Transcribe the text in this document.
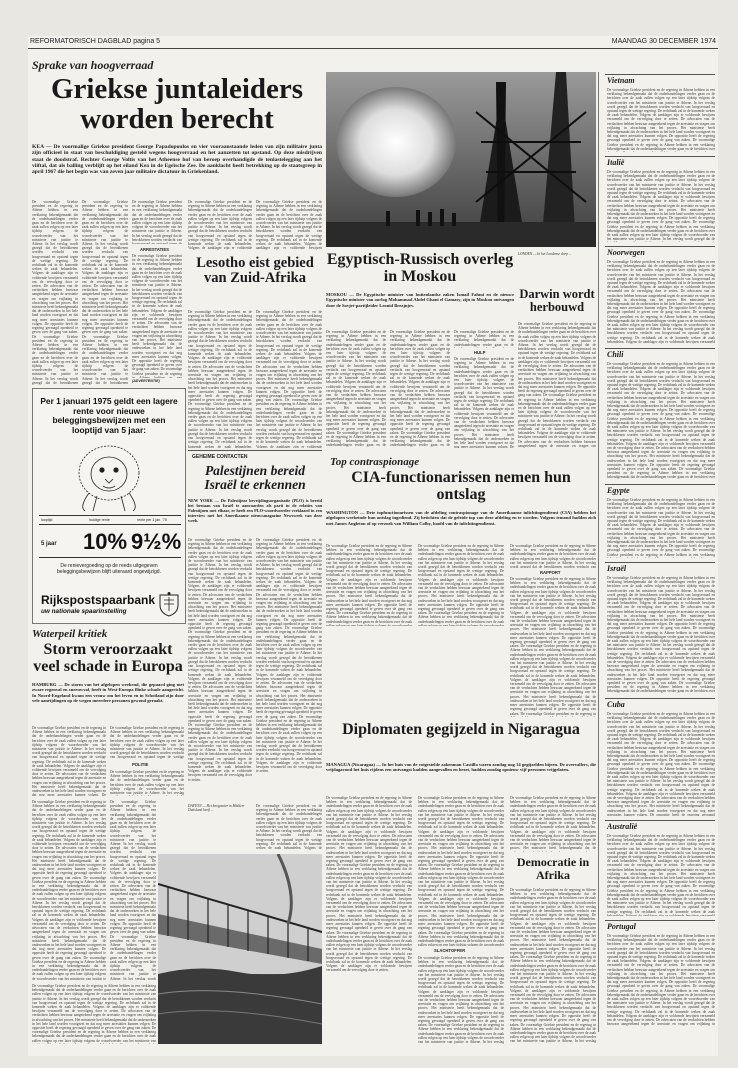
REFORMATORISCH DAGBLAD pagina 5	MAANDAG 30 DECEMBER 1974
Sprake van hoogverraad
Griekse juntaleiders worden berecht
KEA — De voormalige Griekse president George Papadopoulos en vier vooraanstaande leden van zijn militaire junta zijn officieel in staat van beschuldiging gesteld wegens hoogverraad en het aanzetten tot opstand. Op deze misdrijven staat de doodstraf. Rechter George Voltis van het Atheense hof van beroep overhandigde de tenlastelegging aan het viiftal, dat als balling verblijft op het eiland Kea in de Egeïsche Zee. De aanklacht heeft betrekking op de staatsgreep in april 1967 die het begin was van zeven jaar militaire dictatuur in Griekenland.
De voormalige Griekse president en de regering in Athene hebben in een verklaring bekendgemaakt dat de onderhandelingen verder gaan en de berichten over de zaak zullen volgen op een later tijdstip volgens de woordvoerder van het ministerie van justitie te Athene. In het verslag wordt gezegd dat de betrokkenen worden verdacht van hoogverraad en opstand tegen de wettige regering. De rechtbank zal in de komende weken de zaak behandelen. Volgens de aanklager zijn er voldoende bewijzen verzameld om de vervolging door te zetten. De advocaten van de verdachten hebben bezwaar aangetekend tegen de arrestatie en vragen om vrijlating in afwachting van het proces. Het ministerie heeft bekendgemaakt dat de onderzoeken in het hele land worden voortgezet en dat nog meer arrestaties kunnen volgen. De oppositie heeft de regering gevraagd openheid te geven over de gang van zaken. De voormalige Griekse president en de regering in Athene hebben in een verklaring bekendgemaakt dat de onderhandelingen verder gaan en de berichten over de zaak zullen volgen op een later tijdstip volgens de woordvoerder van het ministerie van justitie te Athene. In het verslag wordt gezegd dat de betrokkenen worden verdacht van hoogverraad en opstand tegen de wettige regering. De rechtbank zal in de komende weken de zaak behandelen. Volgens de aanklager zijn er voldoende bewijzen verzameld om de vervolging door te zetten. De advocaten van de verdachten hebben bezwaar aangetekend tegen de arrestatie en vragen om vrijlating in afwachting van het proces. Het ministerie heeft bekendgemaakt dat de onderzoeken in het hele land worden voortgezet en dat nog meer arrestaties kunnen volgen. De oppositie heeft de regering gevraagd openheid te geven over de gang van zaken. De voormalige Griekse president en de regering in Athene hebben in een verklaring bekendgemaakt dat de onderhandelingen verder gaan en de berichten over de zaak zullen volgen op een later tijdstip volgens de woordvoerder van het ministerie van justitie te Athene. In het verslag wordt gezegd dat de betrokkenen worden verdacht van hoogverraad en opstand tegen de wettige regering. De rechtbank zal in de komende weken de zaak behandelen. Volgens de aanklager zijn er voldoende bewijzen verzameld om de vervolging door te zetten.
De voormalige Griekse president en de regering in Athene hebben in een verklaring bekendgemaakt dat de onderhandelingen verder gaan en de berichten over de zaak zullen volgen op een later tijdstip volgens de woordvoerder van het ministerie van justitie te Athene. In het verslag wordt gezegd dat de betrokkenen worden verdacht van hoogverraad en opstand tegen de wettige regering. De rechtbank zal in de komende weken de zaak behandelen. Volgens de aanklager zijn er voldoende bewijzen verzameld om de vervolging door te zetten. De advocaten van de verdachten hebben bezwaar aangetekend tegen de arrestatie en vragen om vrijlating in afwachting van het proces. Het ministerie heeft bekendgemaakt dat de onderzoeken in het hele land worden voortgezet en dat nog meer arrestaties kunnen volgen. De oppositie heeft de regering gevraagd openheid te geven over de gang van zaken. De voormalige Griekse president en de regering in Athene hebben in een verklaring bekendgemaakt dat de onderhandelingen verder gaan en de berichten over de zaak zullen volgen op een later tijdstip volgens de woordvoerder van het ministerie van justitie te Athene. In het verslag wordt gezegd dat de betrokkenen worden verdacht van hoogverraad en opstand tegen de wettige regering. De rechtbank zal in de komende weken de zaak behandelen. Volgens de aanklager zijn er voldoende bewijzen verzameld om de vervolging door te zetten. De advocaten van de verdachten hebben bezwaar aangetekend tegen de arrestatie en vragen om vrijlating in afwachting van het proces. Het ministerie heeft bekendgemaakt dat de onderzoeken in het hele land worden voortgezet en dat nog meer arrestaties kunnen volgen. De oppositie heeft de regering gevraagd openheid te geven over de gang van zaken. De voormalige Griekse president en de regering in Athene hebben in een verklaring bekendgemaakt dat de onderhandelingen verder gaan en de berichten over de zaak zullen volgen op een later tijdstip volgens de woordvoerder van het ministerie van justitie te Athene. In het verslag wordt gezegd dat de betrokkenen worden verdacht van hoogverraad en opstand tegen de wettige regering. De rechtbank zal in de komende weken de zaak behandelen. Volgens de aanklager zijn er voldoende bewijzen verzameld om de vervolging door te zetten.
De voormalige Griekse president en de regering in Athene hebben in een verklaring bekendgemaakt dat de onderhandelingen verder gaan en de berichten over de zaak zullen volgen op een later tijdstip volgens de woordvoerder van het ministerie van justitie te Athene. In het verslag wordt gezegd dat de betrokkenen worden verdacht van hoogverraad en opstand tegen de wettige regering. De rechtbank zal in de komende weken de zaak behandelen. Volgens de aanklager zijn er voldoende bewijzen verzameld om de vervolging door te zetten. De advocaten van de verdachten hebben bezwaar aangetekend tegen de arrestatie en vragen om vrijlating in afwachting van het proces. Het ministerie heeft bekendgemaakt dat de onderzoeken in het hele land worden voortgezet en dat nog meer arrestaties kunnen volgen. De oppositie heeft de regering gevraagd openheid te geven over de gang van zaken. De voormalige Griekse president en de regering in Athene hebben in een verklaring bekendgemaakt dat de onderhandelingen verder gaan en de berichten over de zaak zullen volgen op een later tijdstip volgens de woordvoerder van het ministerie van justitie te Athene. In het verslag wordt gezegd dat de betrokkenen worden verdacht van hoogverraad en opstand tegen de wettige regering. De rechtbank zal in de komende weken de zaak behandelen. Volgens de aanklager zijn er voldoende bewijzen verzameld om de vervolging door te zetten. De advocaten van de verdachten hebben bezwaar aangetekend tegen de arrestatie en vragen om vrijlating in afwachting van het proces. Het ministerie heeft bekendgemaakt dat de onderzoeken in het hele land worden voortgezet en dat nog meer arrestaties kunnen volgen. De oppositie heeft de regering gevraagd openheid te geven over de gang van zaken. De voormalige Griekse president en de regering in Athene hebben in een verklaring bekendgemaakt dat de onderhandelingen verder gaan en de berichten over de zaak zullen volgen op een later tijdstip volgens de woordvoerder van het ministerie van justitie te Athene. In het verslag wordt gezegd dat de betrokkenen worden verdacht van hoogverraad en opstand tegen de wettige regering. De rechtbank zal in de komende weken de zaak behandelen. Volgens de aanklager zijn er voldoende bewijzen verzameld om de vervolging door te zetten.
ARRESTATIES
De voormalige Griekse president en de regering in Athene hebben in een verklaring bekendgemaakt dat de onderhandelingen verder gaan en de berichten over de zaak zullen volgen op een later tijdstip volgens de woordvoerder van het ministerie van justitie te Athene. In het verslag wordt gezegd dat de betrokkenen worden verdacht van hoogverraad en opstand tegen de wettige regering. De rechtbank zal in de komende weken de zaak behandelen. Volgens de aanklager zijn er voldoende bewijzen verzameld om de vervolging door te zetten. De advocaten van de verdachten hebben bezwaar aangetekend tegen de arrestatie en vragen om vrijlating in afwachting van het proces. Het ministerie heeft bekendgemaakt dat de onderzoeken in het hele land worden voortgezet en dat nog meer arrestaties kunnen volgen. De oppositie heeft de regering gevraagd openheid te geven over de gang van zaken. De voormalige Griekse president en de regering in Athene hebben in een verklaring bekendgemaakt dat de onderhandelingen verder gaan en de berichten over de zaak zullen volgen op een later tijdstip volgens de woordvoerder van het ministerie van justitie te Athene. In het verslag wordt gezegd dat de betrokkenen worden verdacht van hoogverraad en opstand tegen de wettige regering. De rechtbank zal in de komende weken de zaak behandelen. Volgens de aanklager zijn er voldoende bewijzen verzameld om de vervolging door te zetten. De advocaten van de verdachten hebben bezwaar aangetekend tegen de arrestatie en vragen om vrijlating in afwachting van het proces. Het ministerie heeft bekendgemaakt dat de onderzoeken in het hele land worden voortgezet en dat nog meer arrestaties kunnen volgen. De oppositie heeft de regering gevraagd openheid te geven over de gang van zaken. De voormalige Griekse president en de regering in Athene hebben in een verklaring bekendgemaakt dat de onderhandelingen verder gaan en de berichten over de zaak zullen volgen op een later tijdstip volgens de woordvoerder van het ministerie van justitie te Athene. In het verslag wordt gezegd dat de betrokkenen worden verdacht van hoogverraad en opstand tegen de wettige regering. De rechtbank zal in de komende weken de zaak behandelen. Volgens de aanklager zijn er voldoende bewijzen verzameld om de vervolging door te zetten.
(ADVERTENTIE)
De voormalige Griekse president en de regering in Athene hebben in een verklaring bekendgemaakt dat de onderhandelingen verder gaan en de berichten over de zaak zullen volgen op een later tijdstip volgens de woordvoerder van het ministerie van justitie te Athene. In het verslag wordt gezegd dat de betrokkenen worden verdacht van hoogverraad en opstand tegen de wettige regering. De rechtbank zal in de komende weken de zaak behandelen. Volgens de aanklager zijn er voldoende bewijzen verzameld om de vervolging door te zetten. De advocaten van de verdachten hebben bezwaar aangetekend tegen de arrestatie en vragen om vrijlating in afwachting van het proces. Het ministerie heeft bekendgemaakt dat de onderzoeken in het hele land worden voortgezet en dat nog meer arrestaties kunnen volgen. De oppositie heeft de regering gevraagd openheid te geven over de gang van zaken. De voormalige Griekse president en de regering in Athene hebben in een verklaring bekendgemaakt dat de onderhandelingen verder gaan en de berichten over de zaak zullen volgen op een later tijdstip volgens de woordvoerder van het ministerie van justitie te Athene. In het verslag wordt gezegd dat de betrokkenen worden verdacht van hoogverraad en opstand tegen de wettige regering. De rechtbank zal in de komende weken de zaak behandelen. Volgens de aanklager zijn er voldoende bewijzen verzameld om de vervolging door te zetten. De advocaten van de verdachten hebben bezwaar aangetekend tegen de arrestatie en vragen om vrijlating in afwachting van het proces. Het ministerie heeft bekendgemaakt dat de onderzoeken in het hele land worden voortgezet en dat nog meer arrestaties kunnen volgen. De oppositie heeft de regering gevraagd openheid te geven over de gang van zaken. De voormalige Griekse president en de regering in Athene hebben in een verklaring bekendgemaakt dat de onderhandelingen verder gaan en de berichten over de zaak zullen volgen op een later tijdstip volgens de woordvoerder van het ministerie van justitie te Athene. In het verslag wordt gezegd dat de betrokkenen worden verdacht van hoogverraad en opstand tegen de wettige regering. De rechtbank zal in de komende weken de zaak behandelen. Volgens de aanklager zijn er voldoende bewijzen verzameld om de vervolging door te zetten.
De voormalige Griekse president en de regering in Athene hebben in een verklaring bekendgemaakt dat de onderhandelingen verder gaan en de berichten over de zaak zullen volgen op een later tijdstip volgens de woordvoerder van het ministerie van justitie te Athene. In het verslag wordt gezegd dat de betrokkenen worden verdacht van hoogverraad en opstand tegen de wettige regering. De rechtbank zal in de komende weken de zaak behandelen. Volgens de aanklager zijn er voldoende bewijzen verzameld om de vervolging door te zetten. De advocaten van de verdachten hebben bezwaar aangetekend tegen de arrestatie en vragen om vrijlating in afwachting van het proces. Het ministerie heeft bekendgemaakt dat de onderzoeken in het hele land worden voortgezet en dat nog meer arrestaties kunnen volgen. De oppositie heeft de regering gevraagd openheid te geven over de gang van zaken. De voormalige Griekse president en de regering in Athene hebben in een verklaring bekendgemaakt dat de onderhandelingen verder gaan en de berichten over de zaak zullen volgen op een later tijdstip volgens de woordvoerder van het ministerie van justitie te Athene. In het verslag wordt gezegd dat de betrokkenen worden verdacht van hoogverraad en opstand tegen de wettige regering. De rechtbank zal in de komende weken de zaak behandelen. Volgens de aanklager zijn er voldoende bewijzen verzameld om de vervolging door te zetten. De advocaten van de verdachten hebben bezwaar aangetekend tegen de arrestatie en vragen om vrijlating in afwachting van het proces. Het ministerie heeft bekendgemaakt dat de onderzoeken in het hele land worden voortgezet en dat nog meer arrestaties kunnen volgen. De oppositie heeft de regering gevraagd openheid te geven over de gang van zaken. De voormalige Griekse president en de regering in Athene hebben in een verklaring bekendgemaakt dat de onderhandelingen verder gaan en de berichten over de zaak zullen volgen op een later tijdstip volgens de woordvoerder van het ministerie van justitie te Athene. In het verslag wordt gezegd dat de betrokkenen worden verdacht van hoogverraad en opstand tegen de wettige regering. De rechtbank zal in de komende weken de zaak behandelen. Volgens de aanklager zijn er voldoende bewijzen verzameld om de vervolging door te zetten.
Per 1 januari 1975 geldt een lagere rente voor nieuwe beleggingsbewijzen met een looptijd van 5 jaar:
looptijd	huidige rente	rente per 1 jan. '75
5 jaar 10% 9½%
De renievergoeding op de reeds uitgegeven beleggingsbewijzen blijft uiteraard ongewijzigd.
Rijkspostspaarbank
uw nationale spaarinstelling
Lesotho eist gebied van Zuid-Afrika
De voormalige Griekse president en de regering in Athene hebben in een verklaring bekendgemaakt dat de onderhandelingen verder gaan en de berichten over de zaak zullen volgen op een later tijdstip volgens de woordvoerder van het ministerie van justitie te Athene. In het verslag wordt gezegd dat de betrokkenen worden verdacht van hoogverraad en opstand tegen de wettige regering. De rechtbank zal in de komende weken de zaak behandelen. Volgens de aanklager zijn er voldoende bewijzen verzameld om de vervolging door te zetten. De advocaten van de verdachten hebben bezwaar aangetekend tegen de arrestatie en vragen om vrijlating in afwachting van het proces. Het ministerie heeft bekendgemaakt dat de onderzoeken in het hele land worden voortgezet en dat nog meer arrestaties kunnen volgen. De oppositie heeft de regering gevraagd openheid te geven over de gang van zaken. De voormalige Griekse president en de regering in Athene hebben in een verklaring bekendgemaakt dat de onderhandelingen verder gaan en de berichten over de zaak zullen volgen op een later tijdstip volgens de woordvoerder van het ministerie van justitie te Athene. In het verslag wordt gezegd dat de betrokkenen worden verdacht van hoogverraad en opstand tegen de wettige regering. De rechtbank zal in de komende weken de zaak behandelen. Volgens de aanklager zijn er voldoende bewijzen verzameld om de vervolging door te zetten. De advocaten van de verdachten hebben bezwaar aangetekend tegen de arrestatie en vragen om vrijlating in afwachting van het proces. Het ministerie heeft bekendgemaakt dat de onderzoeken in het hele land worden voortgezet en dat nog meer arrestaties kunnen volgen. De oppositie heeft de regering gevraagd openheid te geven over de gang van zaken. De voormalige Griekse president en de regering in Athene hebben in een verklaring bekendgemaakt dat de onderhandelingen verder gaan en de berichten over de zaak zullen volgen op een later tijdstip volgens de woordvoerder van het ministerie van justitie te Athene. In het verslag wordt gezegd dat de betrokkenen worden verdacht van hoogverraad en opstand tegen de wettige regering. De rechtbank zal in de komende weken de zaak behandelen. Volgens de aanklager zijn er voldoende bewijzen verzameld om de vervolging door te zetten.
De voormalige Griekse president en de regering in Athene hebben in een verklaring bekendgemaakt dat de onderhandelingen verder gaan en de berichten over de zaak zullen volgen op een later tijdstip volgens de woordvoerder van het ministerie van justitie te Athene. In het verslag wordt gezegd dat de betrokkenen worden verdacht van hoogverraad en opstand tegen de wettige regering. De rechtbank zal in de komende weken de zaak behandelen. Volgens de aanklager zijn er voldoende bewijzen verzameld om de vervolging door te zetten. De advocaten van de verdachten hebben bezwaar aangetekend tegen de arrestatie en vragen om vrijlating in afwachting van het proces. Het ministerie heeft bekendgemaakt dat de onderzoeken in het hele land worden voortgezet en dat nog meer arrestaties kunnen volgen. De oppositie heeft de regering gevraagd openheid te geven over de gang van zaken. De voormalige Griekse president en de regering in Athene hebben in een verklaring bekendgemaakt dat de onderhandelingen verder gaan en de berichten over de zaak zullen volgen op een later tijdstip volgens de woordvoerder van het ministerie van justitie te Athene. In het verslag wordt gezegd dat de betrokkenen worden verdacht van hoogverraad en opstand tegen de wettige regering. De rechtbank zal in de komende weken de zaak behandelen. Volgens de aanklager zijn er voldoende bewijzen verzameld om de vervolging door te zetten. De advocaten van de verdachten hebben bezwaar aangetekend tegen de arrestatie en vragen om vrijlating in afwachting van het proces. Het ministerie heeft bekendgemaakt dat de onderzoeken in het hele land worden voortgezet en dat nog meer arrestaties kunnen volgen. De oppositie heeft de regering gevraagd openheid te geven over de gang van zaken. De voormalige Griekse president en de regering in Athene hebben in een verklaring bekendgemaakt dat de onderhandelingen verder gaan en de berichten over de zaak zullen volgen op een later tijdstip volgens de woordvoerder van het ministerie van justitie te Athene. In het verslag wordt gezegd dat de betrokkenen worden verdacht van hoogverraad en opstand tegen de wettige regering. De rechtbank zal in de komende weken de zaak behandelen. Volgens de aanklager zijn er voldoende bewijzen verzameld om de vervolging door te zetten.
Egyptisch-Russisch overleg in Moskou
MOSKOU — De Egyptische minister van buitenlandse zaken Ismail Fahmi en de nieuwe Egyptische minister van oorlog Mohammad Abdel Ghani el Gamasy, zijn in Moskou ontvangen door de Sovjet-partijleider Leonid Brezjnjev.
De voormalige Griekse president en de regering in Athene hebben in een verklaring bekendgemaakt dat de onderhandelingen verder gaan en de berichten over de zaak zullen volgen op een later tijdstip volgens de woordvoerder van het ministerie van justitie te Athene. In het verslag wordt gezegd dat de betrokkenen worden verdacht van hoogverraad en opstand tegen de wettige regering. De rechtbank zal in de komende weken de zaak behandelen. Volgens de aanklager zijn er voldoende bewijzen verzameld om de vervolging door te zetten. De advocaten van de verdachten hebben bezwaar aangetekend tegen de arrestatie en vragen om vrijlating in afwachting van het proces. Het ministerie heeft bekendgemaakt dat de onderzoeken in het hele land worden voortgezet en dat nog meer arrestaties kunnen volgen. De oppositie heeft de regering gevraagd openheid te geven over de gang van zaken. De voormalige Griekse president en de regering in Athene hebben in een verklaring bekendgemaakt dat de onderhandelingen verder gaan en de berichten over de zaak zullen volgen op een later tijdstip volgens de woordvoerder van het ministerie van justitie te Athene. In het verslag wordt gezegd dat de betrokkenen worden verdacht van hoogverraad en opstand tegen de wettige regering. De rechtbank zal in de komende weken de zaak behandelen. Volgens de aanklager zijn er voldoende bewijzen verzameld om de vervolging door te zetten. De advocaten van de verdachten hebben bezwaar aangetekend tegen de arrestatie en vragen om vrijlating in afwachting van het proces. Het ministerie heeft bekendgemaakt dat de onderzoeken in het hele land worden voortgezet en dat nog meer arrestaties kunnen volgen. De oppositie heeft de regering gevraagd openheid te geven over de gang van zaken. De voormalige Griekse president en de regering in Athene hebben in een verklaring bekendgemaakt dat de onderhandelingen verder gaan en de berichten over de zaak zullen volgen op een later tijdstip volgens de woordvoerder van het ministerie van justitie te Athene. In het verslag wordt gezegd dat de betrokkenen worden verdacht van hoogverraad en opstand tegen de wettige regering. De rechtbank zal in de komende weken de zaak behandelen. Volgens de aanklager zijn er voldoende bewijzen verzameld om de vervolging door te zetten.
De voormalige Griekse president en de regering in Athene hebben in een verklaring bekendgemaakt dat de onderhandelingen verder gaan en de berichten over de zaak zullen volgen op een later tijdstip volgens de woordvoerder van het ministerie van justitie te Athene. In het verslag wordt gezegd dat de betrokkenen worden verdacht van hoogverraad en opstand tegen de wettige regering. De rechtbank zal in de komende weken de zaak behandelen. Volgens de aanklager zijn er voldoende bewijzen verzameld om de vervolging door te zetten. De advocaten van de verdachten hebben bezwaar aangetekend tegen de arrestatie en vragen om vrijlating in afwachting van het proces. Het ministerie heeft bekendgemaakt dat de onderzoeken in het hele land worden voortgezet en dat nog meer arrestaties kunnen volgen. De oppositie heeft de regering gevraagd openheid te geven over de gang van zaken. De voormalige Griekse president en de regering in Athene hebben in een verklaring bekendgemaakt dat de onderhandelingen verder gaan en de berichten over de zaak zullen volgen op een later tijdstip volgens de woordvoerder van het ministerie van justitie te Athene. In het verslag wordt gezegd dat de betrokkenen worden verdacht van hoogverraad en opstand tegen de wettige regering. De rechtbank zal in de komende weken de zaak behandelen. Volgens de aanklager zijn er voldoende bewijzen verzameld om de vervolging door te zetten. De advocaten van de verdachten hebben bezwaar aangetekend tegen de arrestatie en vragen om vrijlating in afwachting van het proces. Het ministerie heeft bekendgemaakt dat de onderzoeken in het hele land worden voortgezet en dat nog meer arrestaties kunnen volgen. De oppositie heeft de regering gevraagd openheid te geven over de gang van zaken. De voormalige Griekse president en de regering in Athene hebben in een verklaring bekendgemaakt dat de onderhandelingen verder gaan en de berichten over de zaak zullen volgen op een later tijdstip volgens de woordvoerder van het ministerie van justitie te Athene. In het verslag wordt gezegd dat de betrokkenen worden verdacht van hoogverraad en opstand tegen de wettige regering. De rechtbank zal in de komende weken de zaak behandelen. Volgens de aanklager zijn er voldoende bewijzen verzameld om de vervolging door te zetten.
De voormalige Griekse president en de regering in Athene hebben in een verklaring bekendgemaakt dat de onderhandelingen verder gaan en de berichten over de zaak zullen volgen op een later tijdstip volgens de woordvoerder van het ministerie van justitie te Athene. In het verslag wordt gezegd dat de betrokkenen worden verdacht van hoogverraad en opstand tegen de wettige regering. De rechtbank zal in de komende weken de zaak behandelen. Volgens de aanklager zijn er voldoende bewijzen verzameld om de vervolging door te zetten. De advocaten van de verdachten hebben bezwaar aangetekend tegen de arrestatie en vragen om vrijlating in afwachting van het proces. Het ministerie heeft bekendgemaakt dat de onderzoeken in het hele land worden voortgezet en dat nog meer arrestaties kunnen volgen. De oppositie heeft de regering gevraagd openheid te geven over de gang van zaken. De voormalige Griekse president en de regering in Athene hebben in een verklaring bekendgemaakt dat de onderhandelingen verder gaan en de berichten over de zaak zullen volgen op een later tijdstip volgens de woordvoerder van het ministerie van justitie te Athene. In het verslag wordt gezegd dat de betrokkenen worden verdacht van hoogverraad en opstand tegen de wettige regering. De rechtbank zal in de komende weken de zaak behandelen. Volgens de aanklager zijn er voldoende bewijzen verzameld om de vervolging door te zetten. De advocaten van de verdachten hebben bezwaar aangetekend tegen de arrestatie en vragen om vrijlating in afwachting van het proces. Het ministerie heeft bekendgemaakt dat de onderzoeken in het hele land worden voortgezet en dat nog meer arrestaties kunnen volgen. De oppositie heeft de regering gevraagd openheid te geven over de gang van zaken. De voormalige Griekse president en de regering in Athene hebben in een verklaring bekendgemaakt dat de onderhandelingen verder gaan en de berichten over de zaak zullen volgen op een later tijdstip volgens de woordvoerder van het ministerie van justitie te Athene. In het verslag wordt gezegd dat de betrokkenen worden verdacht van hoogverraad en opstand tegen de wettige regering. De rechtbank zal in de komende weken de zaak behandelen. Volgens de aanklager zijn er voldoende bewijzen verzameld om de vervolging door te zetten.
HULP
De voormalige Griekse president en de regering in Athene hebben in een verklaring bekendgemaakt dat de onderhandelingen verder gaan en de berichten over de zaak zullen volgen op een later tijdstip volgens de woordvoerder van het ministerie van justitie te Athene. In het verslag wordt gezegd dat de betrokkenen worden verdacht van hoogverraad en opstand tegen de wettige regering. De rechtbank zal in de komende weken de zaak behandelen. Volgens de aanklager zijn er voldoende bewijzen verzameld om de vervolging door te zetten. De advocaten van de verdachten hebben bezwaar aangetekend tegen de arrestatie en vragen om vrijlating in afwachting van het proces. Het ministerie heeft bekendgemaakt dat de onderzoeken in het hele land worden voortgezet en dat nog meer arrestaties kunnen volgen. De oppositie heeft de regering gevraagd openheid te geven over de gang van zaken. De voormalige Griekse president en de regering in Athene hebben in een verklaring bekendgemaakt dat de onderhandelingen verder gaan en de berichten over de zaak zullen volgen op een later tijdstip volgens de woordvoerder van het ministerie van justitie te Athene. In het verslag wordt gezegd dat de betrokkenen worden verdacht van hoogverraad en opstand tegen de wettige regering. De rechtbank zal in de komende weken de zaak behandelen. Volgens de aanklager zijn er voldoende bewijzen verzameld om de vervolging door te zetten. De advocaten van de verdachten hebben bezwaar aangetekend tegen de arrestatie en vragen om vrijlating in afwachting van het proces. Het ministerie heeft bekendgemaakt dat de onderzoeken in het hele land worden voortgezet en dat nog meer arrestaties kunnen volgen. De oppositie heeft de regering gevraagd openheid te geven over de gang van zaken. De voormalige Griekse president en de regering in Athene hebben in een verklaring bekendgemaakt dat de onderhandelingen verder gaan en de berichten over de zaak zullen volgen op een later tijdstip volgens de woordvoerder van het ministerie van justitie te Athene. In het verslag wordt gezegd dat de betrokkenen worden verdacht van hoogverraad en opstand tegen de wettige regering. De rechtbank zal in de komende weken de zaak behandelen. Volgens de aanklager zijn er voldoende bewijzen verzameld om de vervolging door te zetten.
LONDEN — In het Londense dorp ...
Darwin wordt herbouwd
De voormalige Griekse president en de regering in Athene hebben in een verklaring bekendgemaakt dat de onderhandelingen verder gaan en de berichten over de zaak zullen volgen op een later tijdstip volgens de woordvoerder van het ministerie van justitie te Athene. In het verslag wordt gezegd dat de betrokkenen worden verdacht van hoogverraad en opstand tegen de wettige regering. De rechtbank zal in de komende weken de zaak behandelen. Volgens de aanklager zijn er voldoende bewijzen verzameld om de vervolging door te zetten. De advocaten van de verdachten hebben bezwaar aangetekend tegen de arrestatie en vragen om vrijlating in afwachting van het proces. Het ministerie heeft bekendgemaakt dat de onderzoeken in het hele land worden voortgezet en dat nog meer arrestaties kunnen volgen. De oppositie heeft de regering gevraagd openheid te geven over de gang van zaken. De voormalige Griekse president en de regering in Athene hebben in een verklaring bekendgemaakt dat de onderhandelingen verder gaan en de berichten over de zaak zullen volgen op een later tijdstip volgens de woordvoerder van het ministerie van justitie te Athene. In het verslag wordt gezegd dat de betrokkenen worden verdacht van hoogverraad en opstand tegen de wettige regering. De rechtbank zal in de komende weken de zaak behandelen. Volgens de aanklager zijn er voldoende bewijzen verzameld om de vervolging door te zetten. De advocaten van de verdachten hebben bezwaar aangetekend tegen de arrestatie en vragen om vrijlating in afwachting van het proces. Het ministerie heeft bekendgemaakt dat de onderzoeken in het hele land worden voortgezet en dat nog meer arrestaties kunnen volgen. De oppositie heeft de regering gevraagd openheid te geven over de gang van zaken. De voormalige Griekse president en de regering in Athene hebben in een verklaring bekendgemaakt dat de onderhandelingen verder gaan en de berichten over de zaak zullen volgen op een later tijdstip volgens de woordvoerder van het ministerie van justitie te Athene. In het verslag wordt gezegd dat de betrokkenen worden verdacht van hoogverraad en opstand tegen de wettige regering. De rechtbank zal in de komende weken de zaak behandelen. Volgens de aanklager zijn er voldoende bewijzen verzameld om de vervolging door te zetten.
GEHEIME CONTACTEN
Palestijnen bereid Israël te erkennen
NEW YORK — De Palestijnse bevrijdingsorganisatie (PLO) is bereid het bestaan van Israël te aanvaarden als parti in de relaties van Palestijnen met elkaar, er heeft een PLO-woordvoerder verklaard in een interview met het Amerikaanse nieuwsmagazine Newsweek van deze week.
De voormalige Griekse president en de regering in Athene hebben in een verklaring bekendgemaakt dat de onderhandelingen verder gaan en de berichten over de zaak zullen volgen op een later tijdstip volgens de woordvoerder van het ministerie van justitie te Athene. In het verslag wordt gezegd dat de betrokkenen worden verdacht van hoogverraad en opstand tegen de wettige regering. De rechtbank zal in de komende weken de zaak behandelen. Volgens de aanklager zijn er voldoende bewijzen verzameld om de vervolging door te zetten. De advocaten van de verdachten hebben bezwaar aangetekend tegen de arrestatie en vragen om vrijlating in afwachting van het proces. Het ministerie heeft bekendgemaakt dat de onderzoeken in het hele land worden voortgezet en dat nog meer arrestaties kunnen volgen. De oppositie heeft de regering gevraagd openheid te geven over de gang van zaken. De voormalige Griekse president en de regering in Athene hebben in een verklaring bekendgemaakt dat de onderhandelingen verder gaan en de berichten over de zaak zullen volgen op een later tijdstip volgens de woordvoerder van het ministerie van justitie te Athene. In het verslag wordt gezegd dat de betrokkenen worden verdacht van hoogverraad en opstand tegen de wettige regering. De rechtbank zal in de komende weken de zaak behandelen. Volgens de aanklager zijn er voldoende bewijzen verzameld om de vervolging door te zetten. De advocaten van de verdachten hebben bezwaar aangetekend tegen de arrestatie en vragen om vrijlating in afwachting van het proces. Het ministerie heeft bekendgemaakt dat de onderzoeken in het hele land worden voortgezet en dat nog meer arrestaties kunnen volgen. De oppositie heeft de regering gevraagd openheid te geven over de gang van zaken. De voormalige Griekse president en de regering in Athene hebben in een verklaring bekendgemaakt dat de onderhandelingen verder gaan en de berichten over de zaak zullen volgen op een later tijdstip volgens de woordvoerder van het ministerie van justitie te Athene. In het verslag wordt gezegd dat de betrokkenen worden verdacht van hoogverraad en opstand tegen de wettige regering. De rechtbank zal in de komende weken de zaak behandelen. Volgens de aanklager zijn er voldoende bewijzen verzameld om de vervolging door te zetten.
De voormalige Griekse president en de regering in Athene hebben in een verklaring bekendgemaakt dat de onderhandelingen verder gaan en de berichten over de zaak zullen volgen op een later tijdstip volgens de woordvoerder van het ministerie van justitie te Athene. In het verslag wordt gezegd dat de betrokkenen worden verdacht van hoogverraad en opstand tegen de wettige regering. De rechtbank zal in de komende weken de zaak behandelen. Volgens de aanklager zijn er voldoende bewijzen verzameld om de vervolging door te zetten. De advocaten van de verdachten hebben bezwaar aangetekend tegen de arrestatie en vragen om vrijlating in afwachting van het proces. Het ministerie heeft bekendgemaakt dat de onderzoeken in het hele land worden voortgezet en dat nog meer arrestaties kunnen volgen. De oppositie heeft de regering gevraagd openheid te geven over de gang van zaken. De voormalige Griekse president en de regering in Athene hebben in een verklaring bekendgemaakt dat de onderhandelingen verder gaan en de berichten over de zaak zullen volgen op een later tijdstip volgens de woordvoerder van het ministerie van justitie te Athene. In het verslag wordt gezegd dat de betrokkenen worden verdacht van hoogverraad en opstand tegen de wettige regering. De rechtbank zal in de komende weken de zaak behandelen. Volgens de aanklager zijn er voldoende bewijzen verzameld om de vervolging door te zetten. De advocaten van de verdachten hebben bezwaar aangetekend tegen de arrestatie en vragen om vrijlating in afwachting van het proces. Het ministerie heeft bekendgemaakt dat de onderzoeken in het hele land worden voortgezet en dat nog meer arrestaties kunnen volgen. De oppositie heeft de regering gevraagd openheid te geven over de gang van zaken. De voormalige Griekse president en de regering in Athene hebben in een verklaring bekendgemaakt dat de onderhandelingen verder gaan en de berichten over de zaak zullen volgen op een later tijdstip volgens de woordvoerder van het ministerie van justitie te Athene. In het verslag wordt gezegd dat de betrokkenen worden verdacht van hoogverraad en opstand tegen de wettige regering. De rechtbank zal in de komende weken de zaak behandelen. Volgens de aanklager zijn er voldoende bewijzen verzameld om de vervolging door te zetten.
Top contraspionage
CIA-functionarissen nemen hun ontslag
WASHINGTON — Drie topfunctionarissen van de afdeling contraspionage van de Amerikaanse inlichtingendienst (CIA) hebben het afgelopen weekeinde hun ontslag ingediend. Zij betichten dat de geleide top van deze afdeling en te worden. Volgens iemand hadden zich met James Angleton of op verzoek van William Colby, hoofd van de inlichtingendienst.
De voormalige Griekse president en de regering in Athene hebben in een verklaring bekendgemaakt dat de onderhandelingen verder gaan en de berichten over de zaak zullen volgen op een later tijdstip volgens de woordvoerder van het ministerie van justitie te Athene. In het verslag wordt gezegd dat de betrokkenen worden verdacht van hoogverraad en opstand tegen de wettige regering. De rechtbank zal in de komende weken de zaak behandelen. Volgens de aanklager zijn er voldoende bewijzen verzameld om de vervolging door te zetten. De advocaten van de verdachten hebben bezwaar aangetekend tegen de arrestatie en vragen om vrijlating in afwachting van het proces. Het ministerie heeft bekendgemaakt dat de onderzoeken in het hele land worden voortgezet en dat nog meer arrestaties kunnen volgen. De oppositie heeft de regering gevraagd openheid te geven over de gang van zaken. De voormalige Griekse president en de regering in Athene hebben in een verklaring bekendgemaakt dat de onderhandelingen verder gaan en de berichten over de zaak zullen volgen op een later tijdstip volgens de woordvoerder van het ministerie van justitie te Athene. In het verslag wordt gezegd dat de betrokkenen worden verdacht van hoogverraad en opstand tegen de wettige regering. De rechtbank zal in de komende weken de zaak behandelen. Volgens de aanklager zijn er voldoende bewijzen verzameld om de vervolging door te zetten. De advocaten van de verdachten hebben bezwaar aangetekend tegen de arrestatie en vragen om vrijlating in afwachting van het proces. Het ministerie heeft bekendgemaakt dat de onderzoeken in het hele land worden voortgezet en dat nog meer arrestaties kunnen volgen. De oppositie heeft de regering gevraagd openheid te geven over de gang van zaken. De voormalige Griekse president en de regering in Athene hebben in een verklaring bekendgemaakt dat de onderhandelingen verder gaan en de berichten over de zaak zullen volgen op een later tijdstip volgens de woordvoerder van het ministerie van justitie te Athene. In het verslag wordt gezegd dat de betrokkenen worden verdacht van hoogverraad en opstand tegen de wettige regering. De rechtbank zal in de komende weken de zaak behandelen. Volgens de aanklager zijn er voldoende bewijzen verzameld om de vervolging door te zetten.
De voormalige Griekse president en de regering in Athene hebben in een verklaring bekendgemaakt dat de onderhandelingen verder gaan en de berichten over de zaak zullen volgen op een later tijdstip volgens de woordvoerder van het ministerie van justitie te Athene. In het verslag wordt gezegd dat de betrokkenen worden verdacht van hoogverraad en opstand tegen de wettige regering. De rechtbank zal in de komende weken de zaak behandelen. Volgens de aanklager zijn er voldoende bewijzen verzameld om de vervolging door te zetten. De advocaten van de verdachten hebben bezwaar aangetekend tegen de arrestatie en vragen om vrijlating in afwachting van het proces. Het ministerie heeft bekendgemaakt dat de onderzoeken in het hele land worden voortgezet en dat nog meer arrestaties kunnen volgen. De oppositie heeft de regering gevraagd openheid te geven over de gang van zaken. De voormalige Griekse president en de regering in Athene hebben in een verklaring bekendgemaakt dat de onderhandelingen verder gaan en de berichten over de zaak zullen volgen op een later tijdstip volgens de woordvoerder van het ministerie van justitie te Athene. In het verslag wordt gezegd dat de betrokkenen worden verdacht van hoogverraad en opstand tegen de wettige regering. De rechtbank zal in de komende weken de zaak behandelen. Volgens de aanklager zijn er voldoende bewijzen verzameld om de vervolging door te zetten. De advocaten van de verdachten hebben bezwaar aangetekend tegen de arrestatie en vragen om vrijlating in afwachting van het proces. Het ministerie heeft bekendgemaakt dat de onderzoeken in het hele land worden voortgezet en dat nog meer arrestaties kunnen volgen. De oppositie heeft de regering gevraagd openheid te geven over de gang van zaken. De voormalige Griekse president en de regering in Athene hebben in een verklaring bekendgemaakt dat de onderhandelingen verder gaan en de berichten over de zaak zullen volgen op een later tijdstip volgens de woordvoerder van het ministerie van justitie te Athene. In het verslag wordt gezegd dat de betrokkenen worden verdacht van hoogverraad en opstand tegen de wettige regering. De rechtbank zal in de komende weken de zaak behandelen. Volgens de aanklager zijn er voldoende bewijzen verzameld om de vervolging door te zetten.
De voormalige Griekse president en de regering in Athene hebben in een verklaring bekendgemaakt dat de onderhandelingen verder gaan en de berichten over de zaak zullen volgen op een later tijdstip volgens de woordvoerder van het ministerie van justitie te Athene. In het verslag wordt gezegd dat de betrokkenen worden verdacht van hoogverraad en opstand tegen de wettige regering. De rechtbank zal in de komende weken de zaak behandelen. Volgens de aanklager zijn er voldoende bewijzen verzameld om de vervolging door te zetten. De advocaten van de verdachten hebben bezwaar aangetekend tegen de arrestatie en vragen om vrijlating in afwachting van het proces. Het ministerie heeft bekendgemaakt dat de onderzoeken in het hele land worden voortgezet en dat nog meer arrestaties kunnen volgen. De oppositie heeft de regering gevraagd openheid te geven over de gang van zaken. De voormalige Griekse president en de regering in Athene hebben in een verklaring bekendgemaakt dat de onderhandelingen verder gaan en de berichten over de zaak zullen volgen op een later tijdstip volgens de woordvoerder van het ministerie van justitie te Athene. In het verslag wordt gezegd dat de betrokkenen worden verdacht van hoogverraad en opstand tegen de wettige regering. De rechtbank zal in de komende weken de zaak behandelen. Volgens de aanklager zijn er voldoende bewijzen verzameld om de vervolging door te zetten. De advocaten van de verdachten hebben bezwaar aangetekend tegen de arrestatie en vragen om vrijlating in afwachting van het proces. Het ministerie heeft bekendgemaakt dat de onderzoeken in het hele land worden voortgezet en dat nog meer arrestaties kunnen volgen. De oppositie heeft de regering gevraagd openheid te geven over de gang van zaken. De voormalige Griekse president en de regering in Athene hebben in een verklaring bekendgemaakt dat de onderhandelingen verder gaan en de berichten over de zaak zullen volgen op een later tijdstip volgens de woordvoerder van het ministerie van justitie te Athene. In het verslag wordt gezegd dat de betrokkenen worden verdacht van hoogverraad en opstand tegen de wettige regering. De rechtbank zal in de komende weken de zaak behandelen. Volgens de aanklager zijn er voldoende bewijzen verzameld om de vervolging door te zetten.
RAPPORT
De voormalige Griekse president en de regering in Athene hebben in een verklaring bekendgemaakt dat de onderhandelingen verder gaan en de berichten over de zaak zullen volgen op een later tijdstip volgens de woordvoerder van het ministerie van justitie te Athene. In het verslag wordt gezegd dat de betrokkenen worden verdacht van hoogverraad en opstand tegen de wettige regering. De rechtbank zal in de komende weken de zaak behandelen. Volgens de aanklager zijn er voldoende bewijzen verzameld om de vervolging door te zetten. De advocaten van de verdachten hebben bezwaar aangetekend tegen de arrestatie en vragen om vrijlating in afwachting van het proces. Het ministerie heeft bekendgemaakt dat de onderzoeken in het hele land worden voortgezet en dat nog meer arrestaties kunnen volgen. De oppositie heeft de regering gevraagd openheid te geven over de gang van zaken. De voormalige Griekse president en de regering in Athene hebben in een verklaring bekendgemaakt dat de onderhandelingen verder gaan en de berichten over de zaak zullen volgen op een later tijdstip volgens de woordvoerder van het ministerie van justitie te Athene. In het verslag wordt gezegd dat de betrokkenen worden verdacht van hoogverraad en opstand tegen de wettige regering. De rechtbank zal in de komende weken de zaak behandelen. Volgens de aanklager zijn er voldoende bewijzen verzameld om de vervolging door te zetten. De advocaten van de verdachten hebben bezwaar aangetekend tegen de arrestatie en vragen om vrijlating in afwachting van het proces. Het ministerie heeft bekendgemaakt dat de onderzoeken in het hele land worden voortgezet en dat nog meer arrestaties kunnen volgen. De oppositie heeft de regering gevraagd openheid te geven over de gang van zaken. De voormalige Griekse president en de regering in Athene hebben in een verklaring bekendgemaakt dat de onderhandelingen verder gaan en de berichten over de zaak zullen volgen op een later tijdstip volgens de woordvoerder van het ministerie van justitie te Athene. In het verslag wordt gezegd dat de betrokkenen worden verdacht van hoogverraad en opstand tegen de wettige regering. De rechtbank zal in de komende weken de zaak behandelen. Volgens de aanklager zijn er voldoende bewijzen verzameld om de vervolging door te zetten.
Waterpeil kritiek
Storm veroorzaakt veel schade in Europa
HAMBURG — De storm van het afgelopen weekend, die gepaard ging met zware regenval en sneeuwval, heeft in West-Europa flinke schade aangericht. In Noord-Engeland kwam een vrouw om het leven en in Schotland zijn door vele aanrijdingen op de wegen meerdere personen gewond geraakt.
De voormalige Griekse president en de regering in Athene hebben in een verklaring bekendgemaakt dat de onderhandelingen verder gaan en de berichten over de zaak zullen volgen op een later tijdstip volgens de woordvoerder van het ministerie van justitie te Athene. In het verslag wordt gezegd dat de betrokkenen worden verdacht van hoogverraad en opstand tegen de wettige regering. De rechtbank zal in de komende weken de zaak behandelen. Volgens de aanklager zijn er voldoende bewijzen verzameld om de vervolging door te zetten. De advocaten van de verdachten hebben bezwaar aangetekend tegen de arrestatie en vragen om vrijlating in afwachting van het proces. Het ministerie heeft bekendgemaakt dat de onderzoeken in het hele land worden voortgezet en dat nog meer arrestaties kunnen volgen. De oppositie heeft de regering gevraagd openheid te geven over de gang van zaken. De voormalige Griekse president en de regering in Athene hebben in een verklaring bekendgemaakt dat de onderhandelingen verder gaan en de berichten over de zaak zullen volgen op een later tijdstip volgens de woordvoerder van het ministerie van justitie te Athene. In het verslag wordt gezegd dat de betrokkenen worden verdacht van hoogverraad en opstand tegen de wettige regering. De rechtbank zal in de komende weken de zaak behandelen. Volgens de aanklager zijn er voldoende bewijzen verzameld om de vervolging door te zetten. De advocaten van de verdachten hebben bezwaar aangetekend tegen de arrestatie en vragen om vrijlating in afwachting van het proces. Het ministerie heeft bekendgemaakt dat de onderzoeken in het hele land worden voortgezet en dat nog meer arrestaties kunnen volgen. De oppositie heeft de regering gevraagd openheid te geven over de gang van zaken. De voormalige Griekse president en de regering in Athene hebben in een verklaring bekendgemaakt dat de onderhandelingen verder gaan en de berichten over de zaak zullen volgen op een later tijdstip volgens de woordvoerder van het ministerie van justitie te Athene. In het verslag wordt gezegd dat de betrokkenen worden verdacht van hoogverraad en opstand tegen de wettige regering. De rechtbank zal in de komende weken de zaak behandelen. Volgens de aanklager zijn er voldoende bewijzen verzameld om de vervolging door te zetten.
De voormalige Griekse president en de regering in Athene hebben in een verklaring bekendgemaakt dat de onderhandelingen verder gaan en de berichten over de zaak zullen volgen op een later tijdstip volgens de woordvoerder van het ministerie van justitie te Athene. In het verslag wordt gezegd dat de betrokkenen worden verdacht van hoogverraad en opstand tegen de wettige regering. De rechtbank zal in de komende weken de zaak behandelen. Volgens de aanklager zijn er voldoende bewijzen verzameld om de vervolging door te zetten. De advocaten van de verdachten hebben bezwaar aangetekend tegen de arrestatie en vragen om vrijlating in afwachting van het proces. Het ministerie heeft bekendgemaakt dat de onderzoeken in het hele land worden voortgezet en dat nog meer arrestaties kunnen volgen. De oppositie heeft de regering gevraagd openheid te geven over de gang van zaken. De voormalige Griekse president en de regering in Athene hebben in een verklaring bekendgemaakt dat de onderhandelingen verder gaan en de berichten over de zaak zullen volgen op een later tijdstip volgens de woordvoerder van het ministerie van justitie te Athene. In het verslag wordt gezegd dat de betrokkenen worden verdacht van hoogverraad en opstand tegen de wettige regering. De rechtbank zal in de komende weken de zaak behandelen. Volgens de aanklager zijn er voldoende bewijzen verzameld om de vervolging door te zetten. De advocaten van de verdachten hebben bezwaar aangetekend tegen de arrestatie en vragen om vrijlating in afwachting van het proces. Het ministerie heeft bekendgemaakt dat de onderzoeken in het hele land worden voortgezet en dat nog meer arrestaties kunnen volgen. De oppositie heeft de regering gevraagd openheid te geven over de gang van zaken. De voormalige Griekse president en de regering in Athene hebben in een verklaring bekendgemaakt dat de onderhandelingen verder gaan en de berichten over de zaak zullen volgen op een later tijdstip volgens de woordvoerder van het ministerie van justitie te Athene. In het verslag wordt gezegd dat de betrokkenen worden verdacht van hoogverraad en opstand tegen de wettige regering. De rechtbank zal in de komende weken de zaak behandelen. Volgens de aanklager zijn er voldoende bewijzen verzameld om de vervolging door te zetten.
POLITIE
De voormalige Griekse president en de regering in Athene hebben in een verklaring bekendgemaakt dat de onderhandelingen verder gaan en de berichten over de zaak zullen volgen op een later tijdstip volgens de woordvoerder van het ministerie van justitie te Athene. In het verslag wordt gezegd dat de betrokkenen worden verdacht van hoogverraad en opstand tegen de wettige regering. De rechtbank zal in de komende weken de zaak behandelen. Volgens de aanklager zijn er voldoende bewijzen verzameld om de vervolging door te zetten. De advocaten van de verdachten hebben bezwaar aangetekend tegen de arrestatie en vragen om vrijlating in afwachting van het proces. Het ministerie heeft bekendgemaakt dat de onderzoeken in het hele land worden voortgezet en dat nog meer arrestaties kunnen volgen. De oppositie heeft de regering gevraagd openheid te geven over de gang van zaken. De voormalige Griekse president en de regering in Athene hebben in een verklaring bekendgemaakt dat de onderhandelingen verder gaan en de berichten over de zaak zullen volgen op een later tijdstip volgens de woordvoerder van het ministerie van justitie te Athene. In het verslag wordt gezegd dat de betrokkenen worden verdacht van hoogverraad en opstand tegen de wettige regering. De rechtbank zal in de komende weken de zaak behandelen. Volgens de aanklager zijn er voldoende bewijzen verzameld om de vervolging door te zetten. De advocaten van de verdachten hebben bezwaar aangetekend tegen de arrestatie en vragen om vrijlating in afwachting van het proces. Het ministerie heeft bekendgemaakt dat de onderzoeken in het hele land worden voortgezet en dat nog meer arrestaties kunnen volgen. De oppositie heeft de regering gevraagd openheid te geven over de gang van zaken. De voormalige Griekse president en de regering in Athene hebben in een verklaring bekendgemaakt dat de onderhandelingen verder gaan en de berichten over de zaak zullen volgen op een later tijdstip volgens de woordvoerder van het ministerie van justitie te Athene. In het verslag wordt gezegd dat de betrokkenen worden verdacht van hoogverraad en opstand tegen de wettige regering. De rechtbank zal in de komende weken de zaak behandelen. Volgens de aanklager zijn er voldoende bewijzen verzameld om de vervolging door te zetten.
De voormalige Griekse president en de regering in Athene hebben in een verklaring bekendgemaakt dat de onderhandelingen verder gaan en de berichten over de zaak zullen volgen op een later tijdstip volgens de woordvoerder van het ministerie van justitie te Athene. In het verslag wordt gezegd dat de betrokkenen worden verdacht van hoogverraad en opstand tegen de wettige regering. De rechtbank zal in de komende weken de zaak behandelen. Volgens de aanklager zijn er voldoende bewijzen verzameld om de vervolging door te zetten. De advocaten van de verdachten hebben bezwaar aangetekend tegen de arrestatie en vragen om vrijlating in afwachting van het proces. Het ministerie heeft bekendgemaakt dat de onderzoeken in het hele land worden voortgezet en dat nog meer arrestaties kunnen volgen. De oppositie heeft de regering gevraagd openheid te geven over de gang van zaken. De voormalige Griekse president en de regering in Athene hebben in een verklaring bekendgemaakt dat de onderhandelingen verder gaan en de berichten over de zaak zullen volgen op een later tijdstip volgens de woordvoerder van het ministerie van justitie te Athene. In het verslag wordt gezegd dat de betrokkenen worden verdacht van hoogverraad en opstand tegen de wettige regering. De rechtbank zal in de komende weken de zaak behandelen. Volgens de aanklager zijn er voldoende bewijzen verzameld om de vervolging door te zetten. De advocaten van de verdachten hebben bezwaar aangetekend tegen de arrestatie en vragen om vrijlating in afwachting van het proces. Het ministerie heeft bekendgemaakt dat de onderzoeken in het hele land worden voortgezet en dat nog meer arrestaties kunnen volgen. De oppositie heeft de regering gevraagd openheid te geven over de gang van zaken. De voormalige Griekse president en de regering in Athene hebben in een verklaring bekendgemaakt dat de onderhandelingen verder gaan en de berichten over de zaak zullen volgen op een later tijdstip volgens de woordvoerder van het ministerie van justitie te Athene. In het verslag wordt gezegd dat de betrokkenen worden verdacht van hoogverraad en opstand tegen de wettige regering. De rechtbank zal in de komende weken de zaak behandelen. Volgens de aanklager zijn er voldoende bewijzen verzameld om de vervolging door te zetten.
De voormalige Griekse president en de regering in Athene hebben in een verklaring bekendgemaakt dat de onderhandelingen verder gaan en de berichten over de zaak zullen volgen op een later tijdstip volgens de woordvoerder van het ministerie van justitie te Athene. In het verslag wordt gezegd dat de betrokkenen worden verdacht van hoogverraad en opstand tegen de wettige regering. De rechtbank zal in de komende weken de zaak behandelen. Volgens de aanklager zijn er voldoende bewijzen verzameld om de vervolging door te zetten. De advocaten van de verdachten hebben bezwaar aangetekend tegen de arrestatie en vragen om vrijlating in afwachting van het proces. Het ministerie heeft bekendgemaakt dat de onderzoeken in het hele land worden voortgezet en dat nog meer arrestaties kunnen volgen. De oppositie heeft de regering gevraagd openheid te geven over de gang van zaken. De voormalige Griekse president en de regering in Athene hebben in een verklaring bekendgemaakt dat de onderhandelingen verder gaan en de berichten over de zaak zullen volgen op een later tijdstip volgens de woordvoerder van het ministerie van justitie te Athene. In het verslag wordt gezegd dat de betrokkenen worden verdacht van hoogverraad en opstand tegen de wettige regering. De rechtbank zal in de komende weken de zaak behandelen. Volgens de aanklager zijn er voldoende bewijzen verzameld om de vervolging door te zetten. De advocaten van de verdachten hebben bezwaar aangetekend tegen de arrestatie en vragen om vrijlating in afwachting van het proces. Het ministerie heeft bekendgemaakt dat de onderzoeken in het hele land worden voortgezet en dat nog meer arrestaties kunnen volgen. De oppositie heeft de regering gevraagd openheid te geven over de gang van zaken. De voormalige Griekse president en de regering in Athene hebben in een verklaring bekendgemaakt dat de onderhandelingen verder gaan en de berichten over de zaak zullen volgen op een later tijdstip volgens de woordvoerder van het ministerie van justitie te Athene. In het verslag wordt gezegd dat de betrokkenen worden verdacht van hoogverraad en opstand tegen de wettige regering. De rechtbank zal in de komende weken de zaak behandelen. Volgens de aanklager zijn er voldoende bewijzen verzameld om de vervolging door te zetten.
DAYTON — Het hoogwater in Midden-Duitsland heeft ...
De voormalige Griekse president en de regering in Athene hebben in een verklaring bekendgemaakt dat de onderhandelingen verder gaan en de berichten over de zaak zullen volgen op een later tijdstip volgens de woordvoerder van het ministerie van justitie te Athene. In het verslag wordt gezegd dat de betrokkenen worden verdacht van hoogverraad en opstand tegen de wettige regering. De rechtbank zal in de komende weken de zaak behandelen. Volgens de aanklager zijn er voldoende bewijzen verzameld om de vervolging door te zetten. De advocaten van de verdachten hebben bezwaar aangetekend tegen de arrestatie en vragen om vrijlating in afwachting van het proces. Het ministerie heeft bekendgemaakt dat de onderzoeken in het hele land worden voortgezet en dat nog meer arrestaties kunnen volgen. De oppositie heeft de regering gevraagd openheid te geven over de gang van zaken. De voormalige Griekse president en de regering in Athene hebben in een verklaring bekendgemaakt dat de onderhandelingen verder gaan en de berichten over de zaak zullen volgen op een later tijdstip volgens de woordvoerder van het ministerie van justitie te Athene. In het verslag wordt gezegd dat de betrokkenen worden verdacht van hoogverraad en opstand tegen de wettige regering. De rechtbank zal in de komende weken de zaak behandelen. Volgens de aanklager zijn er voldoende bewijzen verzameld om de vervolging door te zetten. De advocaten van de verdachten hebben bezwaar aangetekend tegen de arrestatie en vragen om vrijlating in afwachting van het proces. Het ministerie heeft bekendgemaakt dat de onderzoeken in het hele land worden voortgezet en dat nog meer arrestaties kunnen volgen. De oppositie heeft de regering gevraagd openheid te geven over de gang van zaken. De voormalige Griekse president en de regering in Athene hebben in een verklaring bekendgemaakt dat de onderhandelingen verder gaan en de berichten over de zaak zullen volgen op een later tijdstip volgens de woordvoerder van het ministerie van justitie te Athene. In het verslag wordt gezegd dat de betrokkenen worden verdacht van hoogverraad en opstand tegen de wettige regering. De rechtbank zal in de komende weken de zaak behandelen. Volgens de aanklager zijn er voldoende bewijzen verzameld om de vervolging door te zetten.
De voormalige Griekse president en de regering in Athene hebben in een verklaring bekendgemaakt dat de onderhandelingen verder gaan en de berichten over de zaak zullen volgen op een later tijdstip volgens de woordvoerder van het ministerie van justitie te Athene. In het verslag wordt gezegd dat de betrokkenen worden verdacht van hoogverraad en opstand tegen de wettige regering. De rechtbank zal in de komende weken de zaak behandelen. Volgens de aanklager zijn er voldoende bewijzen verzameld om de vervolging door te zetten. De advocaten van de verdachten hebben bezwaar aangetekend tegen de arrestatie en vragen om vrijlating in afwachting van het proces. Het ministerie heeft bekendgemaakt dat de onderzoeken in het hele land worden voortgezet en dat nog meer arrestaties kunnen volgen. De oppositie heeft de regering gevraagd openheid te geven over de gang van zaken. De voormalige Griekse president en de regering in Athene hebben in een verklaring bekendgemaakt dat de onderhandelingen verder gaan en de berichten over de zaak zullen volgen op een later tijdstip volgens de woordvoerder van het ministerie van justitie te Athene. In het verslag wordt gezegd dat de betrokkenen worden verdacht van hoogverraad en opstand tegen de wettige regering. De rechtbank zal in de komende weken de zaak behandelen. Volgens de aanklager zijn er voldoende bewijzen verzameld om de vervolging door te zetten. De advocaten van de verdachten hebben bezwaar aangetekend tegen de arrestatie en vragen om vrijlating in afwachting van het proces. Het ministerie heeft bekendgemaakt dat de onderzoeken in het hele land worden voortgezet en dat nog meer arrestaties kunnen volgen. De oppositie heeft de regering gevraagd openheid te geven over de gang van zaken. De voormalige Griekse president en de regering in Athene hebben in een verklaring bekendgemaakt dat de onderhandelingen verder gaan en de berichten over de zaak zullen volgen op een later tijdstip volgens de woordvoerder van het ministerie van justitie te Athene. In het verslag wordt gezegd dat de betrokkenen worden verdacht van hoogverraad en opstand tegen de wettige regering. De rechtbank zal in de komende weken de zaak behandelen. Volgens de aanklager zijn er voldoende bewijzen verzameld om de vervolging door te zetten.
Diplomaten gegijzeld in Nigaragua
MANAGUA (Nicaragua) — In het huis van de voigestelde zakenman Castillo waren zondag nog 14 gegijzelden bijeen. De overvallers, die vrijdagavond het huis rijdens een ontvangst hadden aangevallen en bezet, hadden zondag opnieuw vijf personen vrijgelaten.
De voormalige Griekse president en de regering in Athene hebben in een verklaring bekendgemaakt dat de onderhandelingen verder gaan en de berichten over de zaak zullen volgen op een later tijdstip volgens de woordvoerder van het ministerie van justitie te Athene. In het verslag wordt gezegd dat de betrokkenen worden verdacht van hoogverraad en opstand tegen de wettige regering. De rechtbank zal in de komende weken de zaak behandelen. Volgens de aanklager zijn er voldoende bewijzen verzameld om de vervolging door te zetten. De advocaten van de verdachten hebben bezwaar aangetekend tegen de arrestatie en vragen om vrijlating in afwachting van het proces. Het ministerie heeft bekendgemaakt dat de onderzoeken in het hele land worden voortgezet en dat nog meer arrestaties kunnen volgen. De oppositie heeft de regering gevraagd openheid te geven over de gang van zaken. De voormalige Griekse president en de regering in Athene hebben in een verklaring bekendgemaakt dat de onderhandelingen verder gaan en de berichten over de zaak zullen volgen op een later tijdstip volgens de woordvoerder van het ministerie van justitie te Athene. In het verslag wordt gezegd dat de betrokkenen worden verdacht van hoogverraad en opstand tegen de wettige regering. De rechtbank zal in de komende weken de zaak behandelen. Volgens de aanklager zijn er voldoende bewijzen verzameld om de vervolging door te zetten. De advocaten van de verdachten hebben bezwaar aangetekend tegen de arrestatie en vragen om vrijlating in afwachting van het proces. Het ministerie heeft bekendgemaakt dat de onderzoeken in het hele land worden voortgezet en dat nog meer arrestaties kunnen volgen. De oppositie heeft de regering gevraagd openheid te geven over de gang van zaken. De voormalige Griekse president en de regering in Athene hebben in een verklaring bekendgemaakt dat de onderhandelingen verder gaan en de berichten over de zaak zullen volgen op een later tijdstip volgens de woordvoerder van het ministerie van justitie te Athene. In het verslag wordt gezegd dat de betrokkenen worden verdacht van hoogverraad en opstand tegen de wettige regering. De rechtbank zal in de komende weken de zaak behandelen. Volgens de aanklager zijn er voldoende bewijzen verzameld om de vervolging door te zetten.
De voormalige Griekse president en de regering in Athene hebben in een verklaring bekendgemaakt dat de onderhandelingen verder gaan en de berichten over de zaak zullen volgen op een later tijdstip volgens de woordvoerder van het ministerie van justitie te Athene. In het verslag wordt gezegd dat de betrokkenen worden verdacht van hoogverraad en opstand tegen de wettige regering. De rechtbank zal in de komende weken de zaak behandelen. Volgens de aanklager zijn er voldoende bewijzen verzameld om de vervolging door te zetten. De advocaten van de verdachten hebben bezwaar aangetekend tegen de arrestatie en vragen om vrijlating in afwachting van het proces. Het ministerie heeft bekendgemaakt dat de onderzoeken in het hele land worden voortgezet en dat nog meer arrestaties kunnen volgen. De oppositie heeft de regering gevraagd openheid te geven over de gang van zaken. De voormalige Griekse president en de regering in Athene hebben in een verklaring bekendgemaakt dat de onderhandelingen verder gaan en de berichten over de zaak zullen volgen op een later tijdstip volgens de woordvoerder van het ministerie van justitie te Athene. In het verslag wordt gezegd dat de betrokkenen worden verdacht van hoogverraad en opstand tegen de wettige regering. De rechtbank zal in de komende weken de zaak behandelen. Volgens de aanklager zijn er voldoende bewijzen verzameld om de vervolging door te zetten. De advocaten van de verdachten hebben bezwaar aangetekend tegen de arrestatie en vragen om vrijlating in afwachting van het proces. Het ministerie heeft bekendgemaakt dat de onderzoeken in het hele land worden voortgezet en dat nog meer arrestaties kunnen volgen. De oppositie heeft de regering gevraagd openheid te geven over de gang van zaken. De voormalige Griekse president en de regering in Athene hebben in een verklaring bekendgemaakt dat de onderhandelingen verder gaan en de berichten over de zaak zullen volgen op een later tijdstip volgens de woordvoerder van het ministerie van justitie te Athene. In het verslag wordt gezegd dat de betrokkenen worden verdacht van hoogverraad en opstand tegen de wettige regering. De rechtbank zal in de komende weken de zaak behandelen. Volgens de aanklager zijn er voldoende bewijzen verzameld om de vervolging door te zetten.
SLACHTOFFER
De voormalige Griekse president en de regering in Athene hebben in een verklaring bekendgemaakt dat de onderhandelingen verder gaan en de berichten over de zaak zullen volgen op een later tijdstip volgens de woordvoerder van het ministerie van justitie te Athene. In het verslag wordt gezegd dat de betrokkenen worden verdacht van hoogverraad en opstand tegen de wettige regering. De rechtbank zal in de komende weken de zaak behandelen. Volgens de aanklager zijn er voldoende bewijzen verzameld om de vervolging door te zetten. De advocaten van de verdachten hebben bezwaar aangetekend tegen de arrestatie en vragen om vrijlating in afwachting van het proces. Het ministerie heeft bekendgemaakt dat de onderzoeken in het hele land worden voortgezet en dat nog meer arrestaties kunnen volgen. De oppositie heeft de regering gevraagd openheid te geven over de gang van zaken. De voormalige Griekse president en de regering in Athene hebben in een verklaring bekendgemaakt dat de onderhandelingen verder gaan en de berichten over de zaak zullen volgen op een later tijdstip volgens de woordvoerder van het ministerie van justitie te Athene. In het verslag wordt gezegd dat de betrokkenen worden verdacht van hoogverraad en opstand tegen de wettige regering. De rechtbank zal in de komende weken de zaak behandelen. Volgens de aanklager zijn er voldoende bewijzen verzameld om de vervolging door te zetten. De advocaten van de verdachten hebben bezwaar aangetekend tegen de arrestatie en vragen om vrijlating in afwachting van het proces. Het ministerie heeft bekendgemaakt dat de onderzoeken in het hele land worden voortgezet en dat nog meer arrestaties kunnen volgen. De oppositie heeft de regering gevraagd openheid te geven over de gang van zaken. De voormalige Griekse president en de regering in Athene hebben in een verklaring bekendgemaakt dat de onderhandelingen verder gaan en de berichten over de zaak zullen volgen op een later tijdstip volgens de woordvoerder van het ministerie van justitie te Athene. In het verslag wordt gezegd dat de betrokkenen worden verdacht van hoogverraad en opstand tegen de wettige regering. De rechtbank zal in de komende weken de zaak behandelen. Volgens de aanklager zijn er voldoende bewijzen verzameld om de vervolging door te zetten.
De voormalige Griekse president en de regering in Athene hebben in een verklaring bekendgemaakt dat de onderhandelingen verder gaan en de berichten over de zaak zullen volgen op een later tijdstip volgens de woordvoerder van het ministerie van justitie te Athene. In het verslag wordt gezegd dat de betrokkenen worden verdacht van hoogverraad en opstand tegen de wettige regering. De rechtbank zal in de komende weken de zaak behandelen. Volgens de aanklager zijn er voldoende bewijzen verzameld om de vervolging door te zetten. De advocaten van de verdachten hebben bezwaar aangetekend tegen de arrestatie en vragen om vrijlating in afwachting van het proces. Het ministerie heeft bekendgemaakt dat de onderzoeken in het hele land worden voortgezet en dat nog meer arrestaties kunnen volgen. De oppositie heeft de regering gevraagd openheid te geven over de gang van zaken. De voormalige Griekse president en de regering in Athene hebben in een verklaring bekendgemaakt dat de onderhandelingen verder gaan en de berichten over de zaak zullen volgen op een later tijdstip volgens de woordvoerder van het ministerie van justitie te Athene. In het verslag wordt gezegd dat de betrokkenen worden verdacht van hoogverraad en opstand tegen de wettige regering. De rechtbank zal in de komende weken de zaak behandelen. Volgens de aanklager zijn er voldoende bewijzen verzameld om de vervolging door te zetten. De advocaten van de verdachten hebben bezwaar aangetekend tegen de arrestatie en vragen om vrijlating in afwachting van het proces. Het ministerie heeft bekendgemaakt dat de onderzoeken in het hele land worden voortgezet en dat nog meer arrestaties kunnen volgen. De oppositie heeft de regering gevraagd openheid te geven over de gang van zaken. De voormalige Griekse president en de regering in Athene hebben in een verklaring bekendgemaakt dat de onderhandelingen verder gaan en de berichten over de zaak zullen volgen op een later tijdstip volgens de woordvoerder van het ministerie van justitie te Athene. In het verslag wordt gezegd dat de betrokkenen worden verdacht van hoogverraad en opstand tegen de wettige regering. De rechtbank zal in de komende weken de zaak behandelen. Volgens de aanklager zijn er voldoende bewijzen verzameld om de vervolging door te zetten.
Democratie in Afrika
De voormalige Griekse president en de regering in Athene hebben in een verklaring bekendgemaakt dat de onderhandelingen verder gaan en de berichten over de zaak zullen volgen op een later tijdstip volgens de woordvoerder van het ministerie van justitie te Athene. In het verslag wordt gezegd dat de betrokkenen worden verdacht van hoogverraad en opstand tegen de wettige regering. De rechtbank zal in de komende weken de zaak behandelen. Volgens de aanklager zijn er voldoende bewijzen verzameld om de vervolging door te zetten. De advocaten van de verdachten hebben bezwaar aangetekend tegen de arrestatie en vragen om vrijlating in afwachting van het proces. Het ministerie heeft bekendgemaakt dat de onderzoeken in het hele land worden voortgezet en dat nog meer arrestaties kunnen volgen. De oppositie heeft de regering gevraagd openheid te geven over de gang van zaken. De voormalige Griekse president en de regering in Athene hebben in een verklaring bekendgemaakt dat de onderhandelingen verder gaan en de berichten over de zaak zullen volgen op een later tijdstip volgens de woordvoerder van het ministerie van justitie te Athene. In het verslag wordt gezegd dat de betrokkenen worden verdacht van hoogverraad en opstand tegen de wettige regering. De rechtbank zal in de komende weken de zaak behandelen. Volgens de aanklager zijn er voldoende bewijzen verzameld om de vervolging door te zetten. De advocaten van de verdachten hebben bezwaar aangetekend tegen de arrestatie en vragen om vrijlating in afwachting van het proces. Het ministerie heeft bekendgemaakt dat de onderzoeken in het hele land worden voortgezet en dat nog meer arrestaties kunnen volgen. De oppositie heeft de regering gevraagd openheid te geven over de gang van zaken. De voormalige Griekse president en de regering in Athene hebben in een verklaring bekendgemaakt dat de onderhandelingen verder gaan en de berichten over de zaak zullen volgen op een later tijdstip volgens de woordvoerder van het ministerie van justitie te Athene. In het verslag wordt gezegd dat de betrokkenen worden verdacht van hoogverraad en opstand tegen de wettige regering. De rechtbank zal in de komende weken de zaak behandelen. Volgens de aanklager zijn er voldoende bewijzen verzameld om de vervolging door te zetten.
Vietnam
De voormalige Griekse president en de regering in Athene hebben in een verklaring bekendgemaakt dat de onderhandelingen verder gaan en de berichten over de zaak zullen volgen op een later tijdstip volgens de woordvoerder van het ministerie van justitie te Athene. In het verslag wordt gezegd dat de betrokkenen worden verdacht van hoogverraad en opstand tegen de wettige regering. De rechtbank zal in de komende weken de zaak behandelen. Volgens de aanklager zijn er voldoende bewijzen verzameld om de vervolging door te zetten. De advocaten van de verdachten hebben bezwaar aangetekend tegen de arrestatie en vragen om vrijlating in afwachting van het proces. Het ministerie heeft bekendgemaakt dat de onderzoeken in het hele land worden voortgezet en dat nog meer arrestaties kunnen volgen. De oppositie heeft de regering gevraagd openheid te geven over de gang van zaken. De voormalige Griekse president en de regering in Athene hebben in een verklaring bekendgemaakt dat de onderhandelingen verder gaan en de berichten over de zaak zullen volgen op een later tijdstip volgens de woordvoerder van het ministerie van justitie te Athene. In het verslag wordt gezegd dat de betrokkenen worden verdacht van hoogverraad en opstand tegen de wettige regering. De rechtbank zal in de komende weken de zaak behandelen. Volgens de aanklager zijn er voldoende bewijzen verzameld om de vervolging door te zetten. De advocaten van de verdachten hebben bezwaar aangetekend tegen de arrestatie en vragen om vrijlating in afwachting van het proces. Het ministerie heeft bekendgemaakt dat de onderzoeken in het hele land worden voortgezet en dat nog meer arrestaties kunnen volgen. De oppositie heeft de regering gevraagd openheid te geven over de gang van zaken. De voormalige Griekse president en de regering in Athene hebben in een verklaring bekendgemaakt dat de onderhandelingen verder gaan en de berichten over de zaak zullen volgen op een later tijdstip volgens de woordvoerder van het ministerie van justitie te Athene. In het verslag wordt gezegd dat de betrokkenen worden verdacht van hoogverraad en opstand tegen de wettige regering. De rechtbank zal in de komende weken de zaak behandelen. Volgens de aanklager zijn er voldoende bewijzen verzameld om de vervolging door te zetten.
Italië
De voormalige Griekse president en de regering in Athene hebben in een verklaring bekendgemaakt dat de onderhandelingen verder gaan en de berichten over de zaak zullen volgen op een later tijdstip volgens de woordvoerder van het ministerie van justitie te Athene. In het verslag wordt gezegd dat de betrokkenen worden verdacht van hoogverraad en opstand tegen de wettige regering. De rechtbank zal in de komende weken de zaak behandelen. Volgens de aanklager zijn er voldoende bewijzen verzameld om de vervolging door te zetten. De advocaten van de verdachten hebben bezwaar aangetekend tegen de arrestatie en vragen om vrijlating in afwachting van het proces. Het ministerie heeft bekendgemaakt dat de onderzoeken in het hele land worden voortgezet en dat nog meer arrestaties kunnen volgen. De oppositie heeft de regering gevraagd openheid te geven over de gang van zaken. De voormalige Griekse president en de regering in Athene hebben in een verklaring bekendgemaakt dat de onderhandelingen verder gaan en de berichten over de zaak zullen volgen op een later tijdstip volgens de woordvoerder van het ministerie van justitie te Athene. In het verslag wordt gezegd dat de betrokkenen worden verdacht van hoogverraad en opstand tegen de wettige regering. De rechtbank zal in de komende weken de zaak behandelen. Volgens de aanklager zijn er voldoende bewijzen verzameld om de vervolging door te zetten. De advocaten van de verdachten hebben bezwaar aangetekend tegen de arrestatie en vragen om vrijlating in afwachting van het proces. Het ministerie heeft bekendgemaakt dat de onderzoeken in het hele land worden voortgezet en dat nog meer arrestaties kunnen volgen. De oppositie heeft de regering gevraagd openheid te geven over de gang van zaken. De voormalige Griekse president en de regering in Athene hebben in een verklaring bekendgemaakt dat de onderhandelingen verder gaan en de berichten over de zaak zullen volgen op een later tijdstip volgens de woordvoerder van het ministerie van justitie te Athene. In het verslag wordt gezegd dat de betrokkenen worden verdacht van hoogverraad en opstand tegen de wettige regering. De rechtbank zal in de komende weken de zaak behandelen. Volgens de aanklager zijn er voldoende bewijzen verzameld om de vervolging door te zetten.
Noorwegen
De voormalige Griekse president en de regering in Athene hebben in een verklaring bekendgemaakt dat de onderhandelingen verder gaan en de berichten over de zaak zullen volgen op een later tijdstip volgens de woordvoerder van het ministerie van justitie te Athene. In het verslag wordt gezegd dat de betrokkenen worden verdacht van hoogverraad en opstand tegen de wettige regering. De rechtbank zal in de komende weken de zaak behandelen. Volgens de aanklager zijn er voldoende bewijzen verzameld om de vervolging door te zetten. De advocaten van de verdachten hebben bezwaar aangetekend tegen de arrestatie en vragen om vrijlating in afwachting van het proces. Het ministerie heeft bekendgemaakt dat de onderzoeken in het hele land worden voortgezet en dat nog meer arrestaties kunnen volgen. De oppositie heeft de regering gevraagd openheid te geven over de gang van zaken. De voormalige Griekse president en de regering in Athene hebben in een verklaring bekendgemaakt dat de onderhandelingen verder gaan en de berichten over de zaak zullen volgen op een later tijdstip volgens de woordvoerder van het ministerie van justitie te Athene. In het verslag wordt gezegd dat de betrokkenen worden verdacht van hoogverraad en opstand tegen de wettige regering. De rechtbank zal in de komende weken de zaak behandelen. Volgens de aanklager zijn er voldoende bewijzen verzameld om de vervolging door te zetten. De advocaten van de verdachten hebben bezwaar aangetekend tegen de arrestatie en vragen om vrijlating in afwachting van het proces. Het ministerie heeft bekendgemaakt dat de onderzoeken in het hele land worden voortgezet en dat nog meer arrestaties kunnen volgen. De oppositie heeft de regering gevraagd openheid te geven over de gang van zaken. De voormalige Griekse president en de regering in Athene hebben in een verklaring bekendgemaakt dat de onderhandelingen verder gaan en de berichten over de zaak zullen volgen op een later tijdstip volgens de woordvoerder van het ministerie van justitie te Athene. In het verslag wordt gezegd dat de betrokkenen worden verdacht van hoogverraad en opstand tegen de wettige regering. De rechtbank zal in de komende weken de zaak behandelen. Volgens de aanklager zijn er voldoende bewijzen verzameld om de vervolging door te zetten.
Chili
De voormalige Griekse president en de regering in Athene hebben in een verklaring bekendgemaakt dat de onderhandelingen verder gaan en de berichten over de zaak zullen volgen op een later tijdstip volgens de woordvoerder van het ministerie van justitie te Athene. In het verslag wordt gezegd dat de betrokkenen worden verdacht van hoogverraad en opstand tegen de wettige regering. De rechtbank zal in de komende weken de zaak behandelen. Volgens de aanklager zijn er voldoende bewijzen verzameld om de vervolging door te zetten. De advocaten van de verdachten hebben bezwaar aangetekend tegen de arrestatie en vragen om vrijlating in afwachting van het proces. Het ministerie heeft bekendgemaakt dat de onderzoeken in het hele land worden voortgezet en dat nog meer arrestaties kunnen volgen. De oppositie heeft de regering gevraagd openheid te geven over de gang van zaken. De voormalige Griekse president en de regering in Athene hebben in een verklaring bekendgemaakt dat de onderhandelingen verder gaan en de berichten over de zaak zullen volgen op een later tijdstip volgens de woordvoerder van het ministerie van justitie te Athene. In het verslag wordt gezegd dat de betrokkenen worden verdacht van hoogverraad en opstand tegen de wettige regering. De rechtbank zal in de komende weken de zaak behandelen. Volgens de aanklager zijn er voldoende bewijzen verzameld om de vervolging door te zetten. De advocaten van de verdachten hebben bezwaar aangetekend tegen de arrestatie en vragen om vrijlating in afwachting van het proces. Het ministerie heeft bekendgemaakt dat de onderzoeken in het hele land worden voortgezet en dat nog meer arrestaties kunnen volgen. De oppositie heeft de regering gevraagd openheid te geven over de gang van zaken. De voormalige Griekse president en de regering in Athene hebben in een verklaring bekendgemaakt dat de onderhandelingen verder gaan en de berichten over de zaak zullen volgen op een later tijdstip volgens de woordvoerder van het ministerie van justitie te Athene. In het verslag wordt gezegd dat de betrokkenen worden verdacht van hoogverraad en opstand tegen de wettige regering. De rechtbank zal in de komende weken de zaak behandelen. Volgens de aanklager zijn er voldoende bewijzen verzameld om de vervolging door te zetten.
Egypte
De voormalige Griekse president en de regering in Athene hebben in een verklaring bekendgemaakt dat de onderhandelingen verder gaan en de berichten over de zaak zullen volgen op een later tijdstip volgens de woordvoerder van het ministerie van justitie te Athene. In het verslag wordt gezegd dat de betrokkenen worden verdacht van hoogverraad en opstand tegen de wettige regering. De rechtbank zal in de komende weken de zaak behandelen. Volgens de aanklager zijn er voldoende bewijzen verzameld om de vervolging door te zetten. De advocaten van de verdachten hebben bezwaar aangetekend tegen de arrestatie en vragen om vrijlating in afwachting van het proces. Het ministerie heeft bekendgemaakt dat de onderzoeken in het hele land worden voortgezet en dat nog meer arrestaties kunnen volgen. De oppositie heeft de regering gevraagd openheid te geven over de gang van zaken. De voormalige Griekse president en de regering in Athene hebben in een verklaring bekendgemaakt dat de onderhandelingen verder gaan en de berichten over de zaak zullen volgen op een later tijdstip volgens de woordvoerder van het ministerie van justitie te Athene. In het verslag wordt gezegd dat de betrokkenen worden verdacht van hoogverraad en opstand tegen de wettige regering. De rechtbank zal in de komende weken de zaak behandelen. Volgens de aanklager zijn er voldoende bewijzen verzameld om de vervolging door te zetten. De advocaten van de verdachten hebben bezwaar aangetekend tegen de arrestatie en vragen om vrijlating in afwachting van het proces. Het ministerie heeft bekendgemaakt dat de onderzoeken in het hele land worden voortgezet en dat nog meer arrestaties kunnen volgen. De oppositie heeft de regering gevraagd openheid te geven over de gang van zaken. De voormalige Griekse president en de regering in Athene hebben in een verklaring bekendgemaakt dat de onderhandelingen verder gaan en de berichten over de zaak zullen volgen op een later tijdstip volgens de woordvoerder van het ministerie van justitie te Athene. In het verslag wordt gezegd dat de betrokkenen worden verdacht van hoogverraad en opstand tegen de wettige regering. De rechtbank zal in de komende weken de zaak behandelen. Volgens de aanklager zijn er voldoende bewijzen verzameld om de vervolging door te zetten.
Israël
De voormalige Griekse president en de regering in Athene hebben in een verklaring bekendgemaakt dat de onderhandelingen verder gaan en de berichten over de zaak zullen volgen op een later tijdstip volgens de woordvoerder van het ministerie van justitie te Athene. In het verslag wordt gezegd dat de betrokkenen worden verdacht van hoogverraad en opstand tegen de wettige regering. De rechtbank zal in de komende weken de zaak behandelen. Volgens de aanklager zijn er voldoende bewijzen verzameld om de vervolging door te zetten. De advocaten van de verdachten hebben bezwaar aangetekend tegen de arrestatie en vragen om vrijlating in afwachting van het proces. Het ministerie heeft bekendgemaakt dat de onderzoeken in het hele land worden voortgezet en dat nog meer arrestaties kunnen volgen. De oppositie heeft de regering gevraagd openheid te geven over de gang van zaken. De voormalige Griekse president en de regering in Athene hebben in een verklaring bekendgemaakt dat de onderhandelingen verder gaan en de berichten over de zaak zullen volgen op een later tijdstip volgens de woordvoerder van het ministerie van justitie te Athene. In het verslag wordt gezegd dat de betrokkenen worden verdacht van hoogverraad en opstand tegen de wettige regering. De rechtbank zal in de komende weken de zaak behandelen. Volgens de aanklager zijn er voldoende bewijzen verzameld om de vervolging door te zetten. De advocaten van de verdachten hebben bezwaar aangetekend tegen de arrestatie en vragen om vrijlating in afwachting van het proces. Het ministerie heeft bekendgemaakt dat de onderzoeken in het hele land worden voortgezet en dat nog meer arrestaties kunnen volgen. De oppositie heeft de regering gevraagd openheid te geven over de gang van zaken. De voormalige Griekse president en de regering in Athene hebben in een verklaring bekendgemaakt dat de onderhandelingen verder gaan en de berichten over de zaak zullen volgen op een later tijdstip volgens de woordvoerder van het ministerie van justitie te Athene. In het verslag wordt gezegd dat de betrokkenen worden verdacht van hoogverraad en opstand tegen de wettige regering. De rechtbank zal in de komende weken de zaak behandelen. Volgens de aanklager zijn er voldoende bewijzen verzameld om de vervolging door te zetten.
Cuba
De voormalige Griekse president en de regering in Athene hebben in een verklaring bekendgemaakt dat de onderhandelingen verder gaan en de berichten over de zaak zullen volgen op een later tijdstip volgens de woordvoerder van het ministerie van justitie te Athene. In het verslag wordt gezegd dat de betrokkenen worden verdacht van hoogverraad en opstand tegen de wettige regering. De rechtbank zal in de komende weken de zaak behandelen. Volgens de aanklager zijn er voldoende bewijzen verzameld om de vervolging door te zetten. De advocaten van de verdachten hebben bezwaar aangetekend tegen de arrestatie en vragen om vrijlating in afwachting van het proces. Het ministerie heeft bekendgemaakt dat de onderzoeken in het hele land worden voortgezet en dat nog meer arrestaties kunnen volgen. De oppositie heeft de regering gevraagd openheid te geven over de gang van zaken. De voormalige Griekse president en de regering in Athene hebben in een verklaring bekendgemaakt dat de onderhandelingen verder gaan en de berichten over de zaak zullen volgen op een later tijdstip volgens de woordvoerder van het ministerie van justitie te Athene. In het verslag wordt gezegd dat de betrokkenen worden verdacht van hoogverraad en opstand tegen de wettige regering. De rechtbank zal in de komende weken de zaak behandelen. Volgens de aanklager zijn er voldoende bewijzen verzameld om de vervolging door te zetten. De advocaten van de verdachten hebben bezwaar aangetekend tegen de arrestatie en vragen om vrijlating in afwachting van het proces. Het ministerie heeft bekendgemaakt dat de onderzoeken in het hele land worden voortgezet en dat nog meer arrestaties kunnen volgen. De oppositie heeft de regering gevraagd openheid te geven over de gang van zaken. De voormalige Griekse president en de regering in Athene hebben in een verklaring bekendgemaakt dat de onderhandelingen verder gaan en de berichten over de zaak zullen volgen op een later tijdstip volgens de woordvoerder van het ministerie van justitie te Athene. In het verslag wordt gezegd dat de betrokkenen worden verdacht van hoogverraad en opstand tegen de wettige regering. De rechtbank zal in de komende weken de zaak behandelen. Volgens de aanklager zijn er voldoende bewijzen verzameld om de vervolging door te zetten.
Australië
De voormalige Griekse president en de regering in Athene hebben in een verklaring bekendgemaakt dat de onderhandelingen verder gaan en de berichten over de zaak zullen volgen op een later tijdstip volgens de woordvoerder van het ministerie van justitie te Athene. In het verslag wordt gezegd dat de betrokkenen worden verdacht van hoogverraad en opstand tegen de wettige regering. De rechtbank zal in de komende weken de zaak behandelen. Volgens de aanklager zijn er voldoende bewijzen verzameld om de vervolging door te zetten. De advocaten van de verdachten hebben bezwaar aangetekend tegen de arrestatie en vragen om vrijlating in afwachting van het proces. Het ministerie heeft bekendgemaakt dat de onderzoeken in het hele land worden voortgezet en dat nog meer arrestaties kunnen volgen. De oppositie heeft de regering gevraagd openheid te geven over de gang van zaken. De voormalige Griekse president en de regering in Athene hebben in een verklaring bekendgemaakt dat de onderhandelingen verder gaan en de berichten over de zaak zullen volgen op een later tijdstip volgens de woordvoerder van het ministerie van justitie te Athene. In het verslag wordt gezegd dat de betrokkenen worden verdacht van hoogverraad en opstand tegen de wettige regering. De rechtbank zal in de komende weken de zaak behandelen. Volgens de aanklager zijn er voldoende bewijzen verzameld om de vervolging door te zetten. De advocaten van de verdachten hebben bezwaar aangetekend tegen de arrestatie en vragen om vrijlating in afwachting van het proces. Het ministerie heeft bekendgemaakt dat de onderzoeken in het hele land worden voortgezet en dat nog meer arrestaties kunnen volgen. De oppositie heeft de regering gevraagd openheid te geven over de gang van zaken. De voormalige Griekse president en de regering in Athene hebben in een verklaring bekendgemaakt dat de onderhandelingen verder gaan en de berichten over de zaak zullen volgen op een later tijdstip volgens de woordvoerder van het ministerie van justitie te Athene. In het verslag wordt gezegd dat de betrokkenen worden verdacht van hoogverraad en opstand tegen de wettige regering. De rechtbank zal in de komende weken de zaak behandelen. Volgens de aanklager zijn er voldoende bewijzen verzameld om de vervolging door te zetten.
Portugal
De voormalige Griekse president en de regering in Athene hebben in een verklaring bekendgemaakt dat de onderhandelingen verder gaan en de berichten over de zaak zullen volgen op een later tijdstip volgens de woordvoerder van het ministerie van justitie te Athene. In het verslag wordt gezegd dat de betrokkenen worden verdacht van hoogverraad en opstand tegen de wettige regering. De rechtbank zal in de komende weken de zaak behandelen. Volgens de aanklager zijn er voldoende bewijzen verzameld om de vervolging door te zetten. De advocaten van de verdachten hebben bezwaar aangetekend tegen de arrestatie en vragen om vrijlating in afwachting van het proces. Het ministerie heeft bekendgemaakt dat de onderzoeken in het hele land worden voortgezet en dat nog meer arrestaties kunnen volgen. De oppositie heeft de regering gevraagd openheid te geven over de gang van zaken. De voormalige Griekse president en de regering in Athene hebben in een verklaring bekendgemaakt dat de onderhandelingen verder gaan en de berichten over de zaak zullen volgen op een later tijdstip volgens de woordvoerder van het ministerie van justitie te Athene. In het verslag wordt gezegd dat de betrokkenen worden verdacht van hoogverraad en opstand tegen de wettige regering. De rechtbank zal in de komende weken de zaak behandelen. Volgens de aanklager zijn er voldoende bewijzen verzameld om de vervolging door te zetten. De advocaten van de verdachten hebben bezwaar aangetekend tegen de arrestatie en vragen om vrijlating in afwachting van het proces. Het ministerie heeft bekendgemaakt dat de onderzoeken in het hele land worden voortgezet en dat nog meer arrestaties kunnen volgen. De oppositie heeft de regering gevraagd openheid te geven over de gang van zaken. De voormalige Griekse president en de regering in Athene hebben in een verklaring bekendgemaakt dat de onderhandelingen verder gaan en de berichten over de zaak zullen volgen op een later tijdstip volgens de woordvoerder van het ministerie van justitie te Athene. In het verslag wordt gezegd dat de betrokkenen worden verdacht van hoogverraad en opstand tegen de wettige regering. De rechtbank zal in de komende weken de zaak behandelen. Volgens de aanklager zijn er voldoende bewijzen verzameld om de vervolging door te zetten.
